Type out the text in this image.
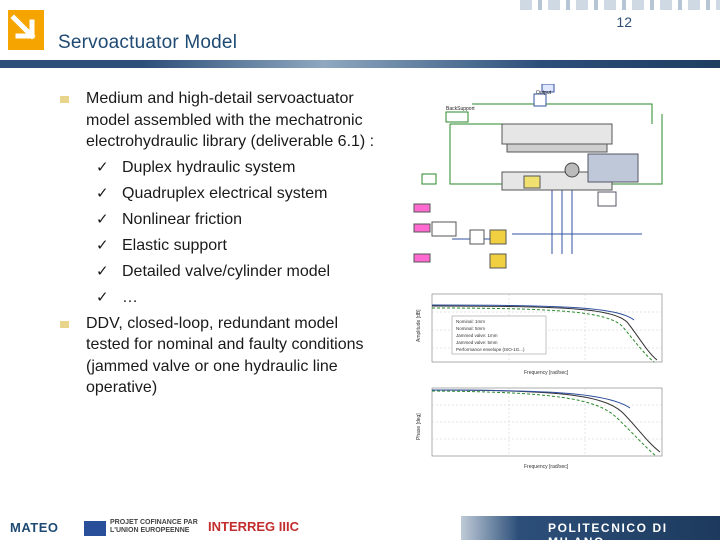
Servoactuator Model
12
Medium and high-detail servoactuator model assembled with the mechatronic electrohydraulic library (deliverable 6.1) :
✓ Duplex hydraulic system
✓ Quadruplex electrical system
✓ Nonlinear friction
✓ Elastic support
✓ Detailed valve/cylinder model
✓ …
DDV, closed-loop, redundant model tested for nominal and faulty conditions (jammed valve or one hydraulic line operative)
BackSupport
Output
Nominal: 1mm
Nominal: 5mm
Jammed valve: 1mm
Jammed valve: 5mm
Performance envelope (ISO-1G...)
Amplitude [dB]
Frequency [rad/sec]
Phase [deg]
Frequency [rad/sec]
MATEO	PROJET COFINANCE PAR L'UNION EUROPEENNE	INTERREG IIIC	POLITECNICO DI MILANO
